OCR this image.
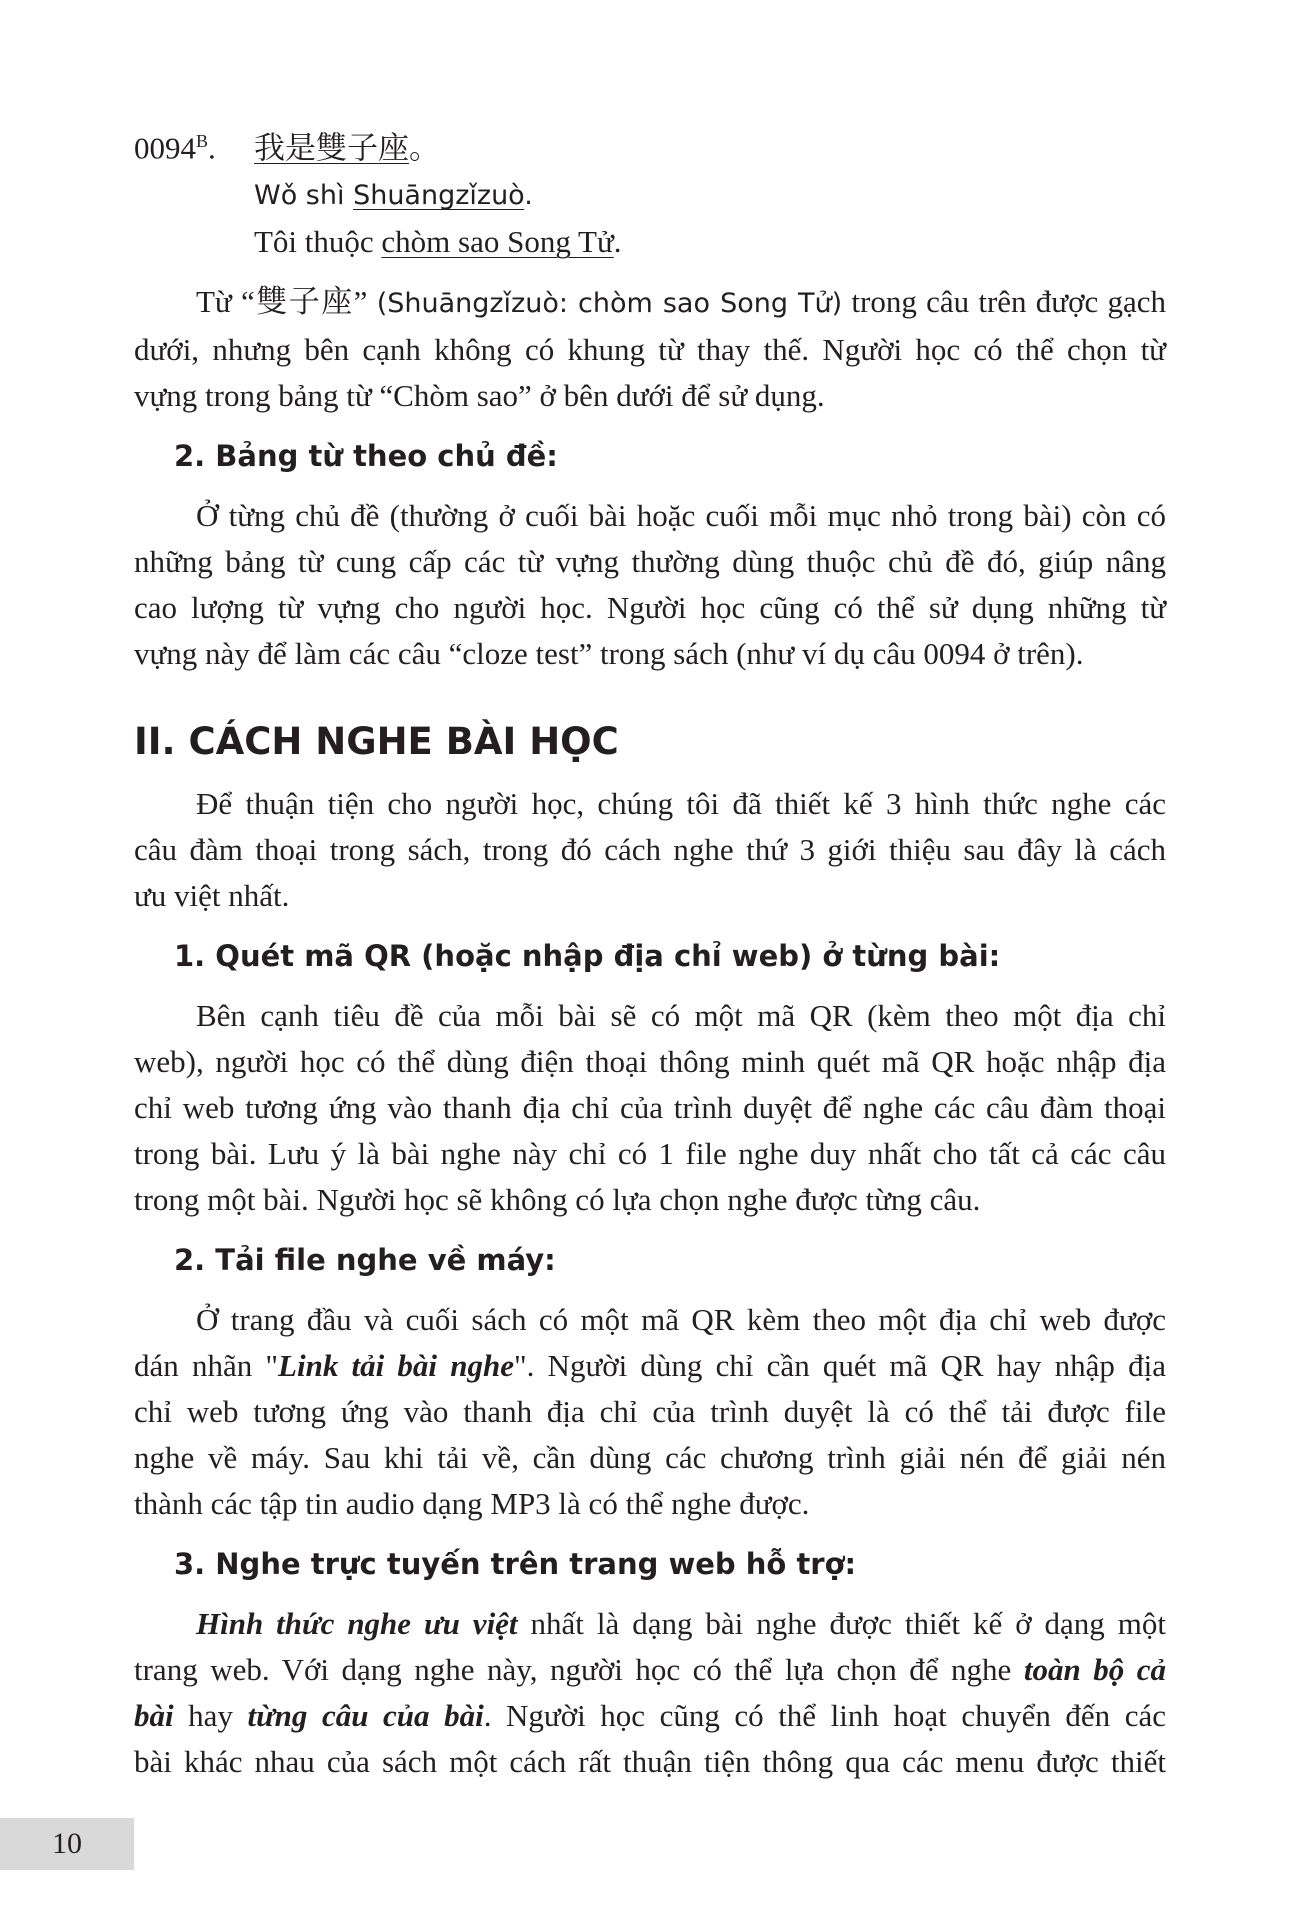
$0094^B$. 我是雙子座。
Wǒ shì Shuāngzǐzuò.
Tôi thuộc chòm sao Song Tử.
Từ “雙子座” (Shuāngzǐzuò: chòm sao Song Tử) trong câu trên được gạch
dưới, nhưng bên cạnh không có khung từ thay thế. Người học có thể chọn từ
vựng trong bảng từ “Chòm sao” ở bên dưới để sử dụng.
2. Bảng từ theo chủ đề:
Ở từng chủ đề (thường ở cuối bài hoặc cuối mỗi mục nhỏ trong bài) còn có
những bảng từ cung cấp các từ vựng thường dùng thuộc chủ đề đó, giúp nâng
cao lượng từ vựng cho người học. Người học cũng có thể sử dụng những từ
vựng này để làm các câu “cloze test” trong sách (như ví dụ câu 0094 ở trên).
II. CÁCH NGHE BÀI HỌC
Để thuận tiện cho người học, chúng tôi đã thiết kế 3 hình thức nghe các
câu đàm thoại trong sách, trong đó cách nghe thứ 3 giới thiệu sau đây là cách
ưu việt nhất.
1. Quét mã QR (hoặc nhập địa chỉ web) ở từng bài:
Bên cạnh tiêu đề của mỗi bài sẽ có một mã QR (kèm theo một địa chỉ
web), người học có thể dùng điện thoại thông minh quét mã QR hoặc nhập địa
chỉ web tương ứng vào thanh địa chỉ của trình duyệt để nghe các câu đàm thoại
trong bài. Lưu ý là bài nghe này chỉ có 1 file nghe duy nhất cho tất cả các câu
trong một bài. Người học sẽ không có lựa chọn nghe được từng câu.
2. Tải file nghe về máy:
Ở trang đầu và cuối sách có một mã QR kèm theo một địa chỉ web được
dán nhãn "Link tải bài nghe". Người dùng chỉ cần quét mã QR hay nhập địa
chỉ web tương ứng vào thanh địa chỉ của trình duyệt là có thể tải được file
nghe về máy. Sau khi tải về, cần dùng các chương trình giải nén để giải nén
thành các tập tin audio dạng MP3 là có thể nghe được.
3. Nghe trực tuyến trên trang web hỗ trợ:
Hình thức nghe ưu việt nhất là dạng bài nghe được thiết kế ở dạng một
trang web. Với dạng nghe này, người học có thể lựa chọn để nghe toàn bộ cả
bài hay từng câu của bài. Người học cũng có thể linh hoạt chuyển đến các
bài khác nhau của sách một cách rất thuận tiện thông qua các menu được thiết
10
